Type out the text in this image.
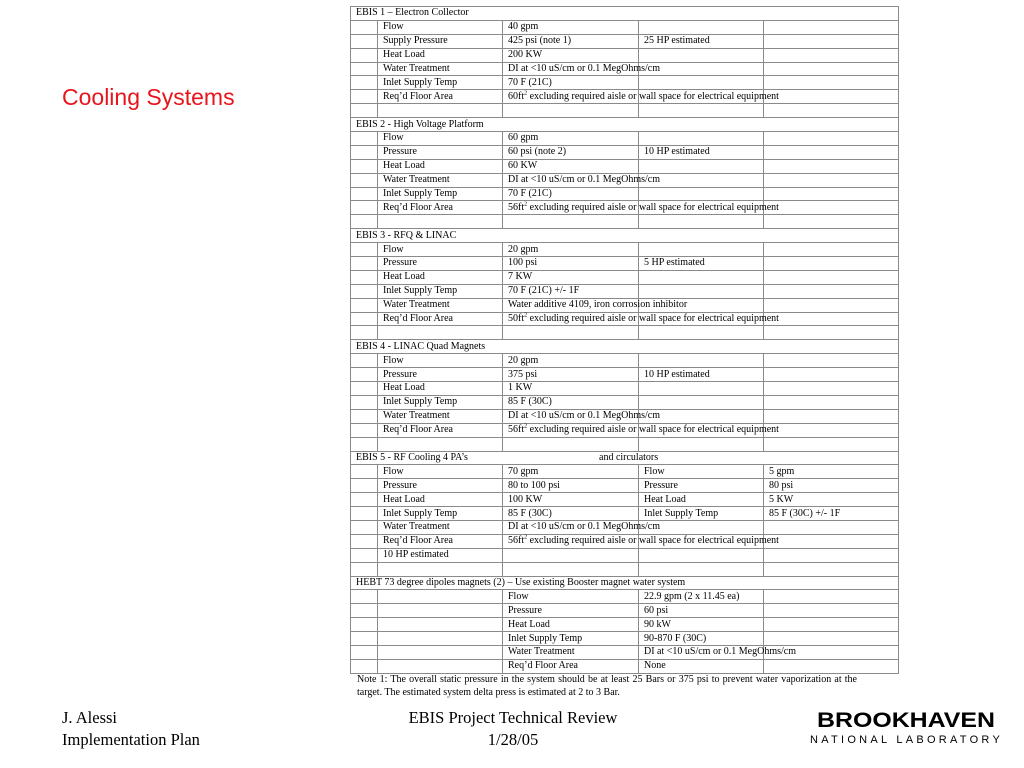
Cooling Systems
EBIS 1 – Electron Collector				
	Flow	40 gpm		
	Supply Pressure	425 psi (note 1)	25 HP estimated	
	Heat Load	200 KW		
	Water Treatment	DI at <10 uS/cm or 0.1 MegOhms/cm		
	Inlet Supply Temp	70 F (21C)		
	Req’d Floor Area	$60ft^2$ excluding required aisle or wall space for electrical equipment		

EBIS 2 - High Voltage Platform				
	Flow	60 gpm		
	Pressure	60 psi (note 2)	10 HP estimated	
	Heat Load	60 KW		
	Water Treatment	DI at <10 uS/cm or 0.1 MegOhms/cm		
	Inlet Supply Temp	70 F (21C)		
	Req’d Floor Area	$56ft^2$ excluding required aisle or wall space for electrical equipment		

EBIS 3 - RFQ & LINAC				
	Flow	20 gpm		
	Pressure	100 psi	5 HP estimated	
	Heat Load	7 KW		
	Inlet Supply Temp	70 F (21C) +/- 1F		
	Water Treatment	Water additive 4109, iron corrosion inhibitor		
	Req’d Floor Area	$50ft^2$ excluding required aisle or wall space for electrical equipment		

EBIS 4 - LINAC Quad Magnets				
	Flow	20 gpm		
	Pressure	375 psi	10 HP estimated	
	Heat Load	1 KW		
	Inlet Supply Temp	85 F (30C)		
	Water Treatment	DI at <10 uS/cm or 0.1 MegOhms/cm		
	Req’d Floor Area	$56ft^2$ excluding required aisle or wall space for electrical equipment		

EBIS 5 - RF Cooling 4 PA’s and circulators				

	Flow	70 gpm	Flow	5 gpm
	Pressure	80 to 100 psi	Pressure	80 psi
	Heat Load	100 KW	Heat Load	5 KW
	Inlet Supply Temp	85 F (30C)	Inlet Supply Temp	85 F (30C) +/- 1F
	Water Treatment	DI at <10 uS/cm or 0.1 MegOhms/cm		
	Req’d Floor Area	$56ft^2$ excluding required aisle or wall space for electrical equipment		
	10 HP estimated			

HEBT 73 degree dipoles magnets (2) – Use existing Booster magnet water system				
		Flow	22.9 gpm (2 x 11.45 ea)	
		Pressure	60 psi	
		Heat Load	90 kW	
		Inlet Supply Temp	90-870 F (30C)	
		Water Treatment	DI at <10 uS/cm or 0.1 MegOhms/cm	
		Req’d Floor Area	None	
Note 1: The overall static pressure in the system should be at least 25 Bars or 375 psi to prevent water vaporization at the target. The estimated system delta press is estimated at 2 to 3 Bar.
J. Alessi
Implementation Plan
EBIS Project Technical Review
1/28/05
BROOKHAVEN
NATIONAL LABORATORY
